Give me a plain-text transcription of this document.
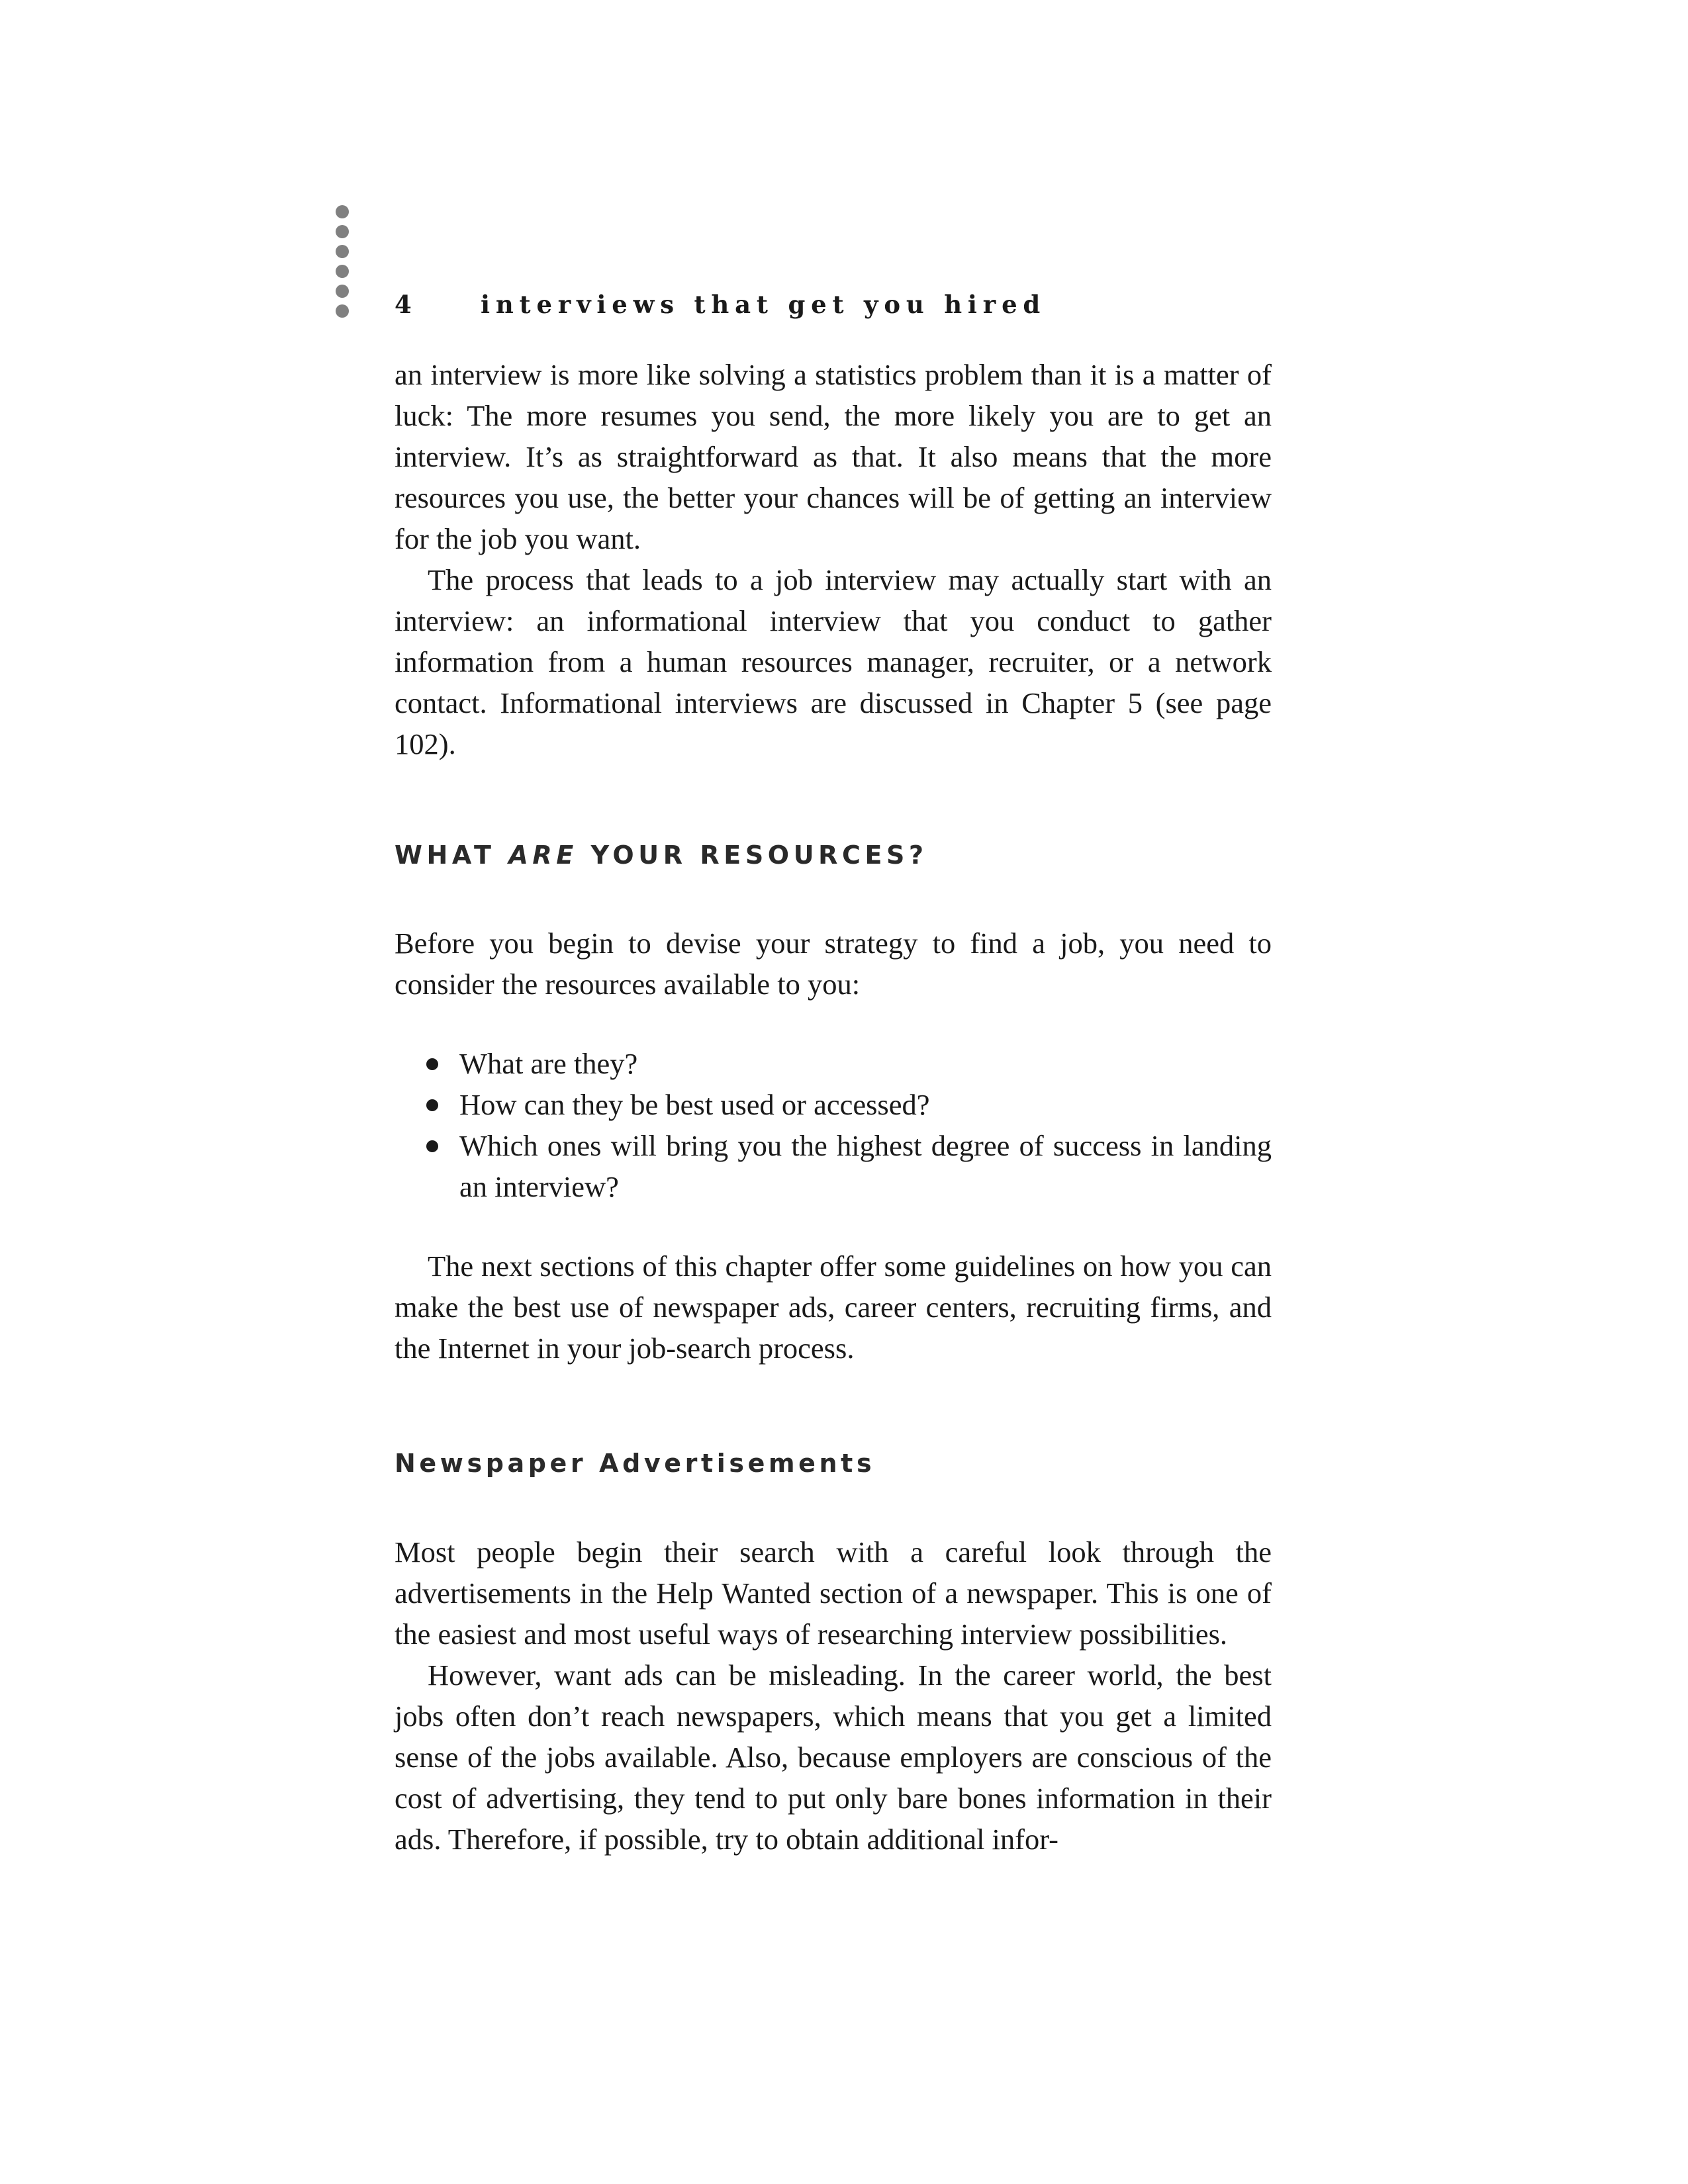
4	interviews that get you hired

an interview is more like solving a statistics problem than it is a matter of luck: The more resumes you send, the more likely you are to get an interview. It’s as straightforward as that. It also means that the more resources you use, the better your chances will be of getting an interview for the job you want.

The process that leads to a job interview may actually start with an interview: an informational interview that you conduct to gather information from a human resources manager, recruiter, or a network contact. Informational interviews are discussed in Chapter 5 (see page 102).

WHAT ARE YOUR RESOURCES?

Before you begin to devise your strategy to find a job, you need to consider the resources available to you:

What are they?
How can they be best used or accessed?
Which ones will bring you the highest degree of success in landing an interview?

The next sections of this chapter offer some guidelines on how you can make the best use of newspaper ads, career centers, recruiting firms, and the Internet in your job-search process.

Newspaper Advertisements

Most people begin their search with a careful look through the advertisements in the Help Wanted section of a newspaper. This is one of the easiest and most useful ways of researching interview possibilities.

However, want ads can be misleading. In the career world, the best jobs often don’t reach newspapers, which means that you get a limited sense of the jobs available. Also, because employers are conscious of the cost of advertising, they tend to put only bare bones information in their ads. Therefore, if possible, try to obtain additional infor-
